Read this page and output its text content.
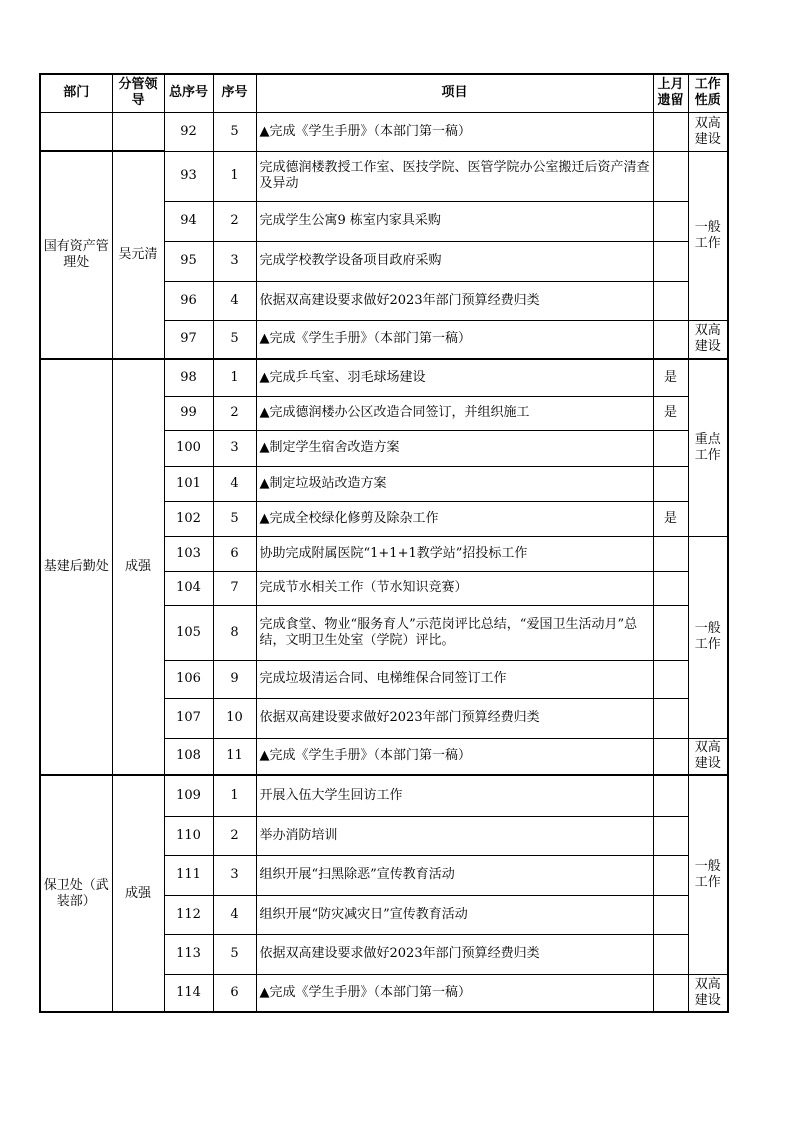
部门	分管领导	总序号	序号	项目	上月遗留	工作性质
		92	5	▲完成《学生手册》（本部门第一稿）		双高建设
国有资产管理处	吴元清	93	1	完成德润楼教授工作室、医技学院、医管学院办公室搬迁后资产清查及异动		一般工作
		94	2	完成学生公寓9 栋室内家具采购		
		95	3	完成学校教学设备项目政府采购		
		96	4	依据双高建设要求做好2023年部门预算经费归类		
		97	5	▲完成《学生手册》（本部门第一稿）		双高建设
基建后勤处	成强	98	1	▲完成乒乓室、羽毛球场建设	是	重点工作
		99	2	▲完成德润楼办公区改造合同签订，并组织施工	是	
		100	3	▲制定学生宿舍改造方案		
		101	4	▲制定垃圾站改造方案		
		102	5	▲完成全校绿化修剪及除杂工作	是	
		103	6	协助完成附属医院“1+1+1教学站”招投标工作		一般工作
		104	7	完成节水相关工作（节水知识竞赛）		
		105	8	完成食堂、物业“服务育人”示范岗评比总结，“爱国卫生活动月”总结，文明卫生处室（学院）评比。		
		106	9	完成垃圾清运合同、电梯维保合同签订工作		
		107	10	依据双高建设要求做好2023年部门预算经费归类		
		108	11	▲完成《学生手册》（本部门第一稿）		双高建设
保卫处（武装部）	成强	109	1	开展入伍大学生回访工作		一般工作
		110	2	举办消防培训		
		111	3	组织开展“扫黑除恶”宣传教育活动		
		112	4	组织开展“防灾减灾日”宣传教育活动		
		113	5	依据双高建设要求做好2023年部门预算经费归类		
		114	6	▲完成《学生手册》（本部门第一稿）		双高建设
